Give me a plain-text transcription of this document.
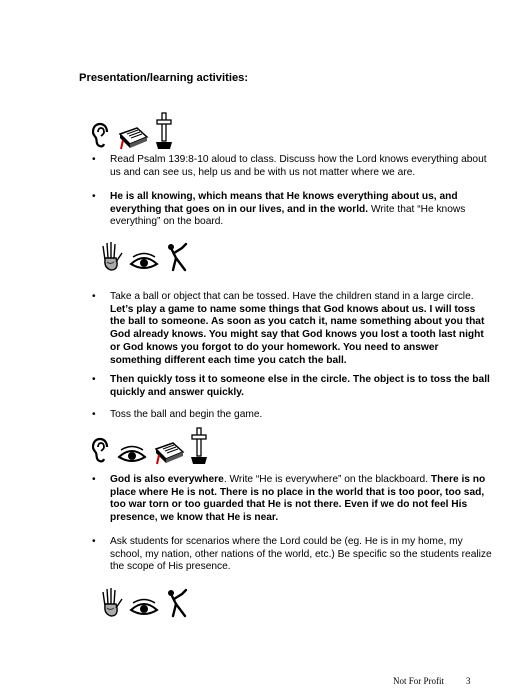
Presentation/learning activities:

• Read Psalm 139:8-10 aloud to class. Discuss how the Lord knows everything about us and can see us, help us and be with us not matter where we are.
• He is all knowing, which means that He knows everything about us, and everything that goes on in our lives, and in the world. Write that “He knows everything” on the board.

• Take a ball or object that can be tossed. Have the children stand in a large circle. Let’s play a game to name some things that God knows about us. I will toss the ball to someone. As soon as you catch it, name something about you that God already knows. You might say that God knows you lost a tooth last night or God knows you forgot to do your homework. You need to answer something different each time you catch the ball.
• Then quickly toss it to someone else in the circle. The object is to toss the ball quickly and answer quickly.
• Toss the ball and begin the game.

• God is also everywhere. Write “He is everywhere” on the blackboard. There is no place where He is not. There is no place in the world that is too poor, too sad, too war torn or too guarded that He is not there. Even if we do not feel His presence, we know that He is near.
• Ask students for scenarios where the Lord could be (eg. He is in my home, my school, my nation, other nations of the world, etc.) Be specific so the students realize the scope of His presence.

Not For Profit 3
